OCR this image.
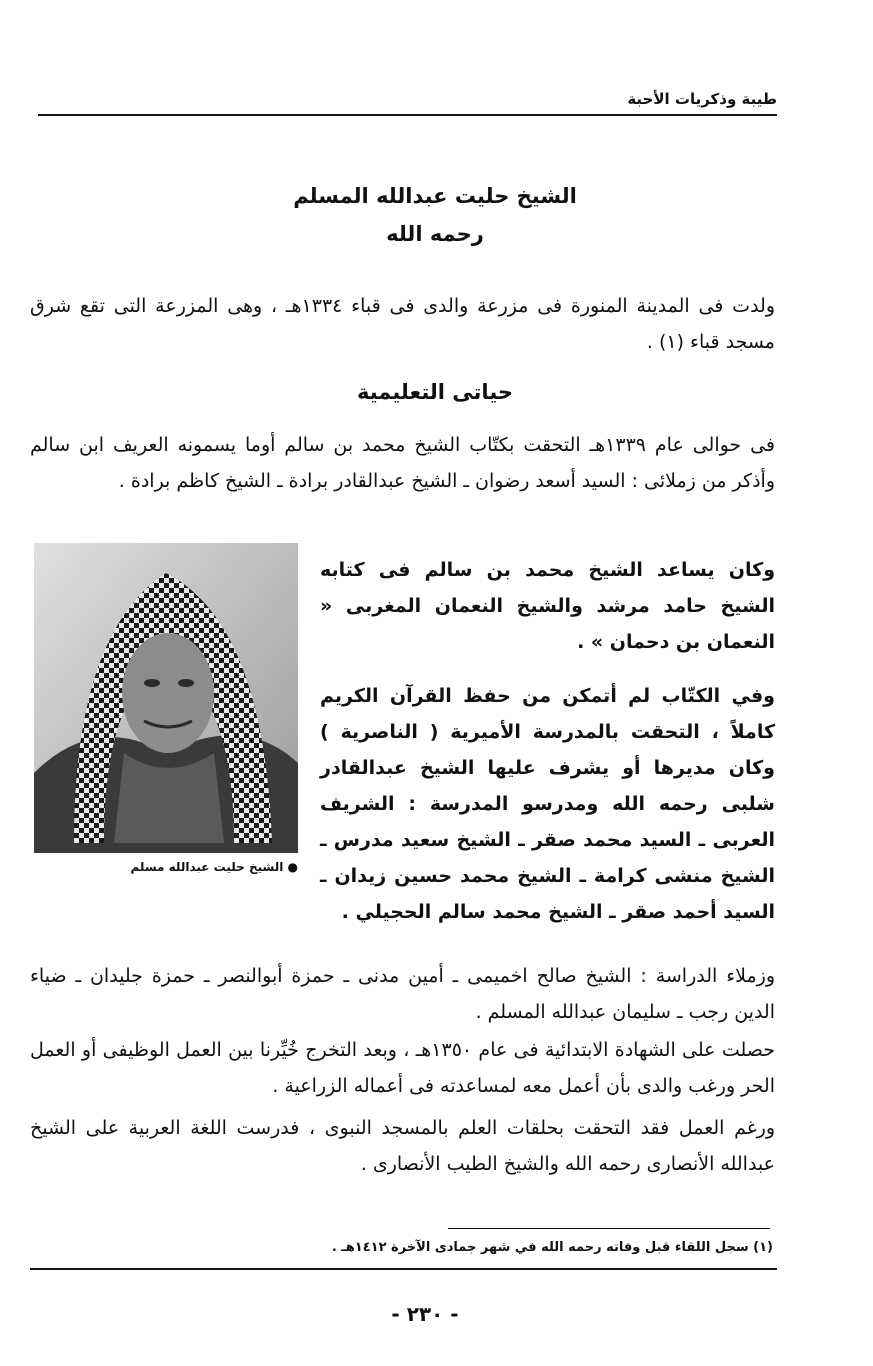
طيبة وذكريات الأحبة
الشيخ حليت عبدالله المسلم
رحمه الله
ولدت فى المدينة المنورة فى مزرعة والدى فى قباء ١٣٣٤هـ ، وهى المزرعة التى تقع شرق مسجد قباء (١) .
حياتى التعليمية
فى حوالى عام ١٣٣٩هـ التحقت بكتّاب الشيخ محمد بن سالم أوما يسمونه العريف ابن سالم وأذكر من زملائى : السيد أسعد رضوان ـ الشيخ عبدالقادر برادة ـ الشيخ كاظم برادة .
وكان يساعد الشيخ محمد بن سالم فى كتابه الشيخ حامد مرشد والشيخ النعمان المغربى « النعمان بن دحمان » .
وفي الكتّاب لم أتمكن من حفظ القرآن الكريم كاملاً ، التحقت بالمدرسة الأميرية ( الناصرية ) وكان مديرها أو يشرف عليها الشيخ عبدالقادر شلبى رحمه الله ومدرسو المدرسة : الشريف العربى ـ السيد محمد صقر ـ الشيخ سعيد مدرس ـ الشيخ منشى كرامة ـ الشيخ محمد حسين زيدان ـ السيد أحمد صقر ـ الشيخ محمد سالم الحجيلي .
● الشيخ حليت عبدالله مسلم
وزملاء الدراسة : الشيخ صالح اخميمى ـ أمين مدنى ـ حمزة أبوالنصر ـ حمزة جليدان ـ ضياء الدين رجب ـ سليمان عبدالله المسلم .
حصلت على الشهادة الابتدائية فى عام ١٣٥٠هـ ، وبعد التخرج خُيِّرنا بين العمل الوظيفى أو العمل الحر ورغب والدى بأن أعمل معه لمساعدته فى أعماله الزراعية .
ورغم العمل فقد التحقت بحلقات العلم بالمسجد النبوى ، فدرست اللغة العربية على الشيخ عبدالله الأنصارى رحمه الله والشيخ الطيب الأنصارى .
(١) سجل اللقاء قبل وفاته رحمه الله في شهر جمادى الآخرة ١٤١٢هـ .
- ٢٣٠ -
